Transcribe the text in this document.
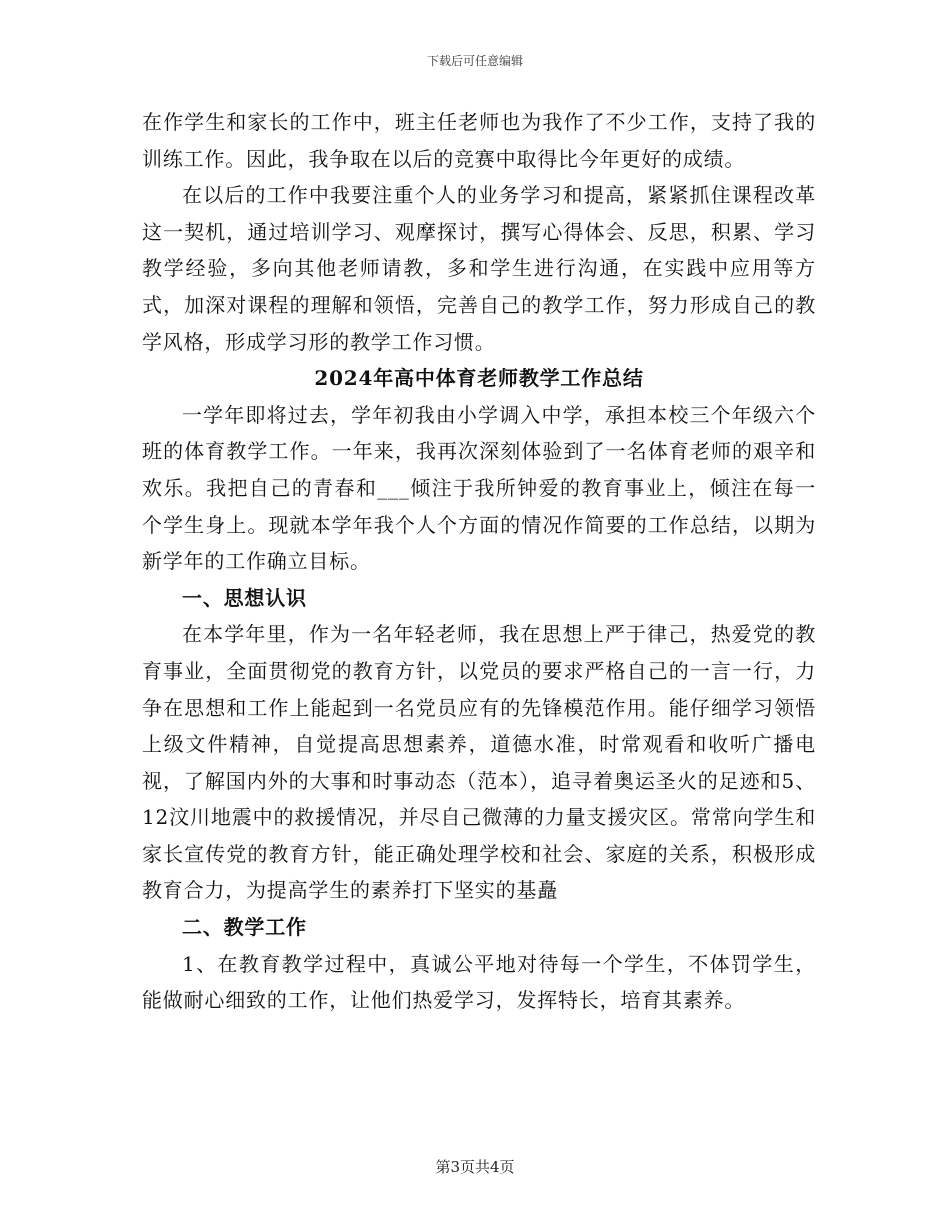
下载后可任意编辑

在作学生和家长的工作中，班主任老师也为我作了不少工作，支持了我的训练工作。因此，我争取在以后的竞赛中取得比今年更好的成绩。

在以后的工作中我要注重个人的业务学习和提高，紧紧抓住课程改革这一契机，通过培训学习、观摩探讨，撰写心得体会、反思，积累、学习教学经验，多向其他老师请教，多和学生进行沟通，在实践中应用等方式，加深对课程的理解和领悟，完善自己的教学工作，努力形成自己的教学风格，形成学习形的教学工作习惯。

2024年高中体育老师教学工作总结

一学年即将过去，学年初我由小学调入中学，承担本校三个年级六个班的体育教学工作。一年来，我再次深刻体验到了一名体育老师的艰辛和欢乐。我把自己的青春和___倾注于我所钟爱的教育事业上，倾注在每一个学生身上。现就本学年我个人个方面的情况作简要的工作总结，以期为新学年的工作确立目标。

一、思想认识

在本学年里，作为一名年轻老师，我在思想上严于律己，热爱党的教育事业，全面贯彻党的教育方针，以党员的要求严格自己的一言一行，力争在思想和工作上能起到一名党员应有的先锋模范作用。能仔细学习领悟上级文件精神，自觉提高思想素养，道德水准，时常观看和收听广播电视，了解国内外的大事和时事动态（范本），追寻着奥运圣火的足迹和5、12汶川地震中的救援情况，并尽自己微薄的力量支援灾区。常常向学生和家长宣传党的教育方针，能正确处理学校和社会、家庭的关系，积极形成教育合力，为提高学生的素养打下坚实的基矗

二、教学工作

1、在教育教学过程中，真诚公平地对待每一个学生，不体罚学生，能做耐心细致的工作，让他们热爱学习，发挥特长，培育其素养。

第3页共4页
